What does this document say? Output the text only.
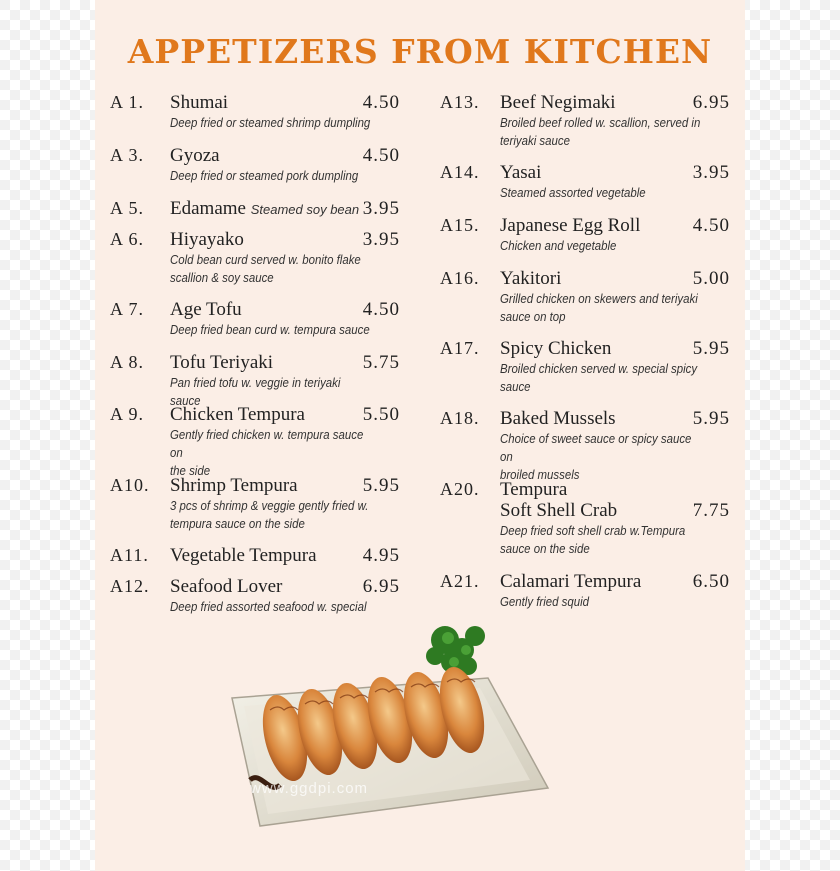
APPETIZERS FROM KITCHEN
A 1. Shumai	4.50
Deep fried or steamed shrimp dumpling
A 3. Gyoza	4.50
Deep fried or steamed pork dumpling
A 5. Edamame Steamed soy bean 3.95
A 6. Hiyayako	3.95
Cold bean curd served w. bonito flake
scallion & soy sauce
A 7. Age Tofu	4.50
Deep fried bean curd w. tempura sauce
A 8. Tofu Teriyaki	5.75
Pan fried tofu w. veggie in teriyaki sauce
A 9. Chicken Tempura	5.50
Gently fried chicken w. tempura sauce on
the side
A10. Shrimp Tempura	5.95
3 pcs of shrimp & veggie gently fried w.
tempura sauce on the side
A11. Vegetable Tempura 4.95
A12. Seafood Lover	6.95
Deep fried assorted seafood w. special
A13. Beef Negimaki	6.95
Broiled beef rolled w. scallion, served in
teriyaki sauce
A14. Yasai	3.95
Steamed assorted vegetable
A15. Japanese Egg Roll	4.50
Chicken and vegetable
A16. Yakitori	5.00
Grilled chicken on skewers and teriyaki
sauce on top
A17. Spicy Chicken	5.95
Broiled chicken served w. special spicy
sauce
A18. Baked Mussels	5.95
Choice of sweet sauce or spicy sauce on
broiled mussels
A20. Tempura
Soft Shell Crab	7.75
Deep fried soft shell crab w.Tempura
sauce on the side
A21. Calamari Tempura	6.50
Gently fried squid
www.ggdpi.com
